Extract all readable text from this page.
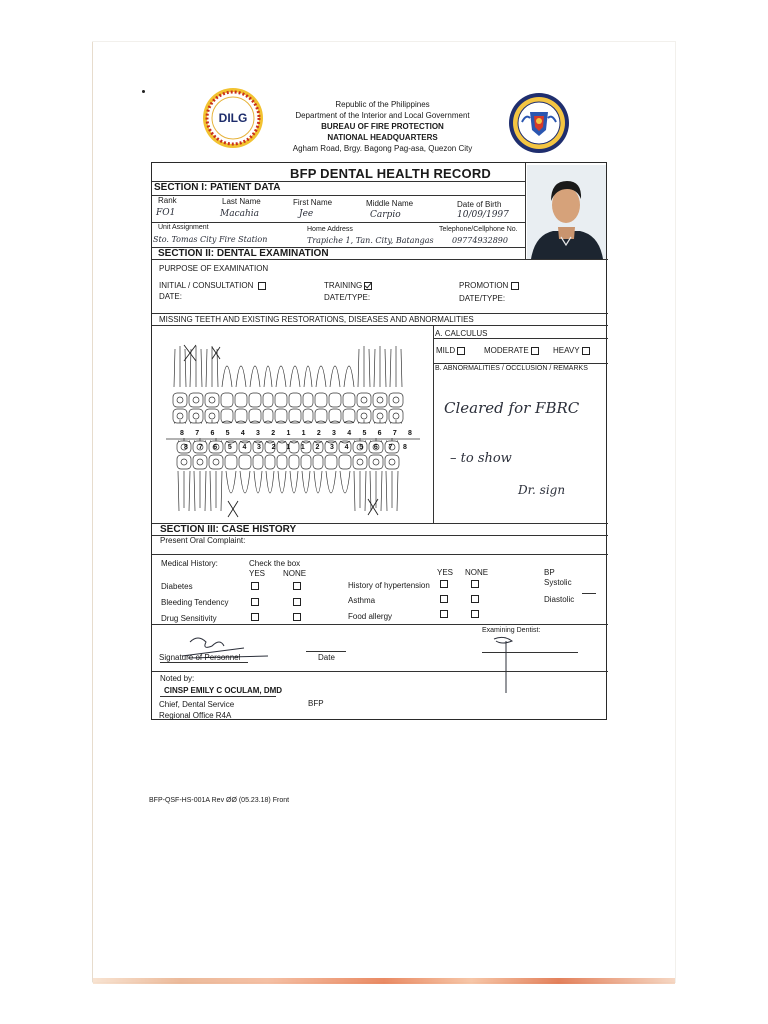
DILG
Republic of the Philippines
Department of the Interior and Local Government
BUREAU OF FIRE PROTECTION
NATIONAL HEADQUARTERS
Agham Road, Brgy. Bagong Pag-asa, Quezon City
BFP DENTAL HEALTH RECORD
SECTION I: PATIENT DATA
Rank	Last Name	First Name	Middle Name	Date of Birth
FO1	Macahia	Jee	Carpio	10/09/1997
Unit Assignment	Home Address	Telephone/Cellphone No.
Sto. Tomas City Fire Station	Trapiche 1, Tan. City, Batangas 09774932890
SECTION II: DENTAL EXAMINATION
PURPOSE OF EXAMINATION
INITIAL / CONSULTATION	TRAINING	PROMOTION
DATE:	DATE/TYPE:	DATE/TYPE:
MISSING TEETH AND EXISTING RESTORATIONS, DISEASES AND ABNORMALITIES
A. CALCULUS
MILD	MODERATE	HEAVY
B. ABNORMALITIES / OCCLUSION / REMARKS
Cleared for FBRC
– to show
Dr. sign
8 7 6 5 4 3 2 1 1 2 3 4 5 6 7 8
8 7 6 5 4 3 2 1 1 2 3 4 5 6 7 8
SECTION III: CASE HISTORY
Present Oral Complaint:
Medical History:	Check the box
YES NONE	YES NONE	BP
Systolic
Diastolic
Diabetes
Bleeding Tendency
Drug Sensitivity
History of hypertension
Asthma
Food allergy
Examining Dentist:
Signature of Personnel	Date
Noted by:
CINSP EMILY C OCULAM, DMD
Chief, Dental Service	BFP
Regional Office R4A
BFP-QSF-HS-001A Rev ØØ (05.23.18) Front
